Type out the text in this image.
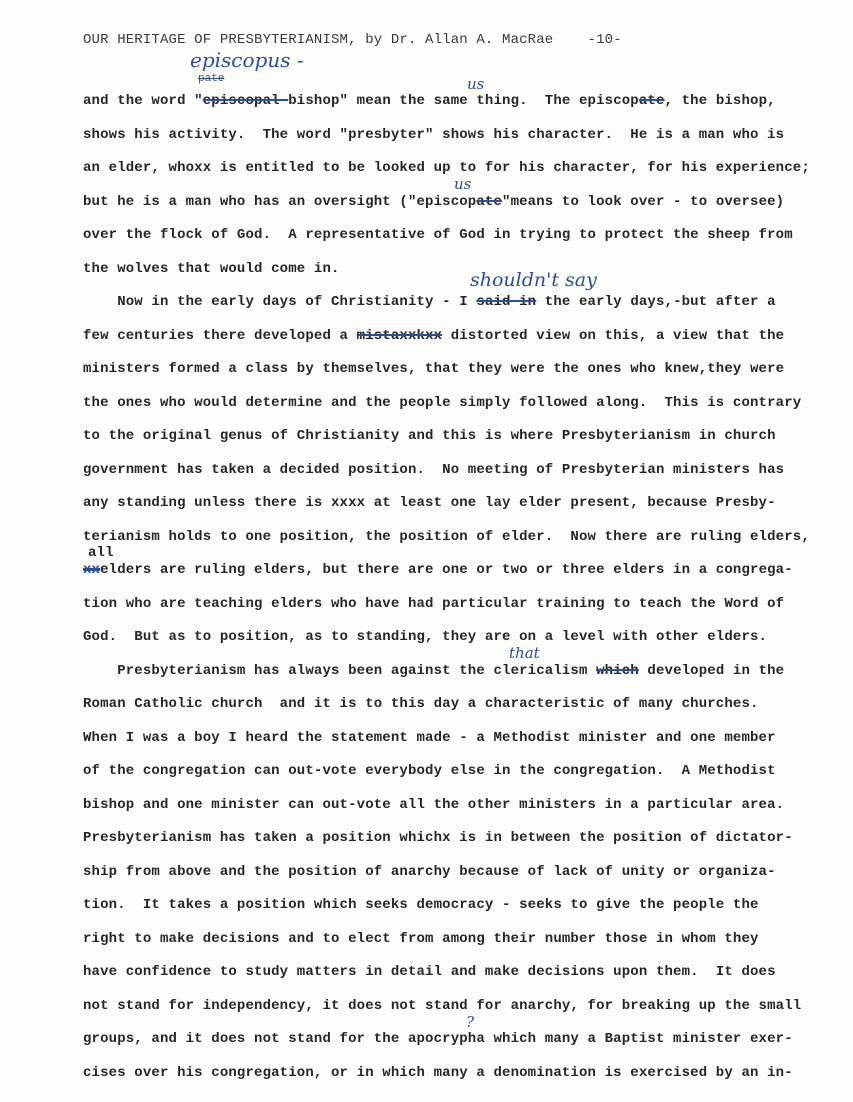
OUR HERITAGE OF PRESBYTERIANISM, by Dr. Allan A. MacRae -10-
and the word "episcopal-bishop" mean the same thing.  The episcopate, the bishop,
shows his activity.  The word "presbyter" shows his character.  He is a man who is
an elder, whoxx is entitled to be looked up to for his character, for his experience;
but he is a man who has an oversight ("episcopate"means to look over - to oversee)
over the flock of God.  A representative of God in trying to protect the sheep from
the wolves that would come in.
Now in the early days of Christianity - I said in the early days,-but after a
few centuries there developed a mistaxxkxx distorted view on this, a view that the
ministers formed a class by themselves, that they were the ones who knew,they were
the ones who would determine and the people simply followed along.  This is contrary
to the original genus of Christianity and this is where Presbyterianism in church
government has taken a decided position.  No meeting of Presbyterian ministers has
any standing unless there is xxxx at least one lay elder present, because Presby-
terianism holds to one position, the position of elder.  Now there are ruling elders,
xxelders are ruling elders, but there are one or two or three elders in a congrega-
tion who are teaching elders who have had particular training to teach the Word of
God.  But as to position, as to standing, they are on a level with other elders.
Presbyterianism has always been against the clericalism which developed in the
Roman Catholic church  and it is to this day a characteristic of many churches.
When I was a boy I heard the statement made - a Methodist minister and one member
of the congregation can out-vote everybody else in the congregation.  A Methodist
bishop and one minister can out-vote all the other ministers in a particular area.
Presbyterianism has taken a position whichx is in between the position of dictator-
ship from above and the position of anarchy because of lack of unity or organiza-
tion.  It takes a position which seeks democracy - seeks to give the people the
right to make decisions and to elect from among their number those in whom they
have confidence to study matters in detail and make decisions upon them.  It does
not stand for independency, it does not stand for anarchy, for breaking up the small
groups, and it does not stand for the apocrypha which many a Baptist minister exer-
cises over his congregation, or in which many a denomination is exercised by an in-
episcopus -
pate	us
us
shouldn't say
all
that
?
